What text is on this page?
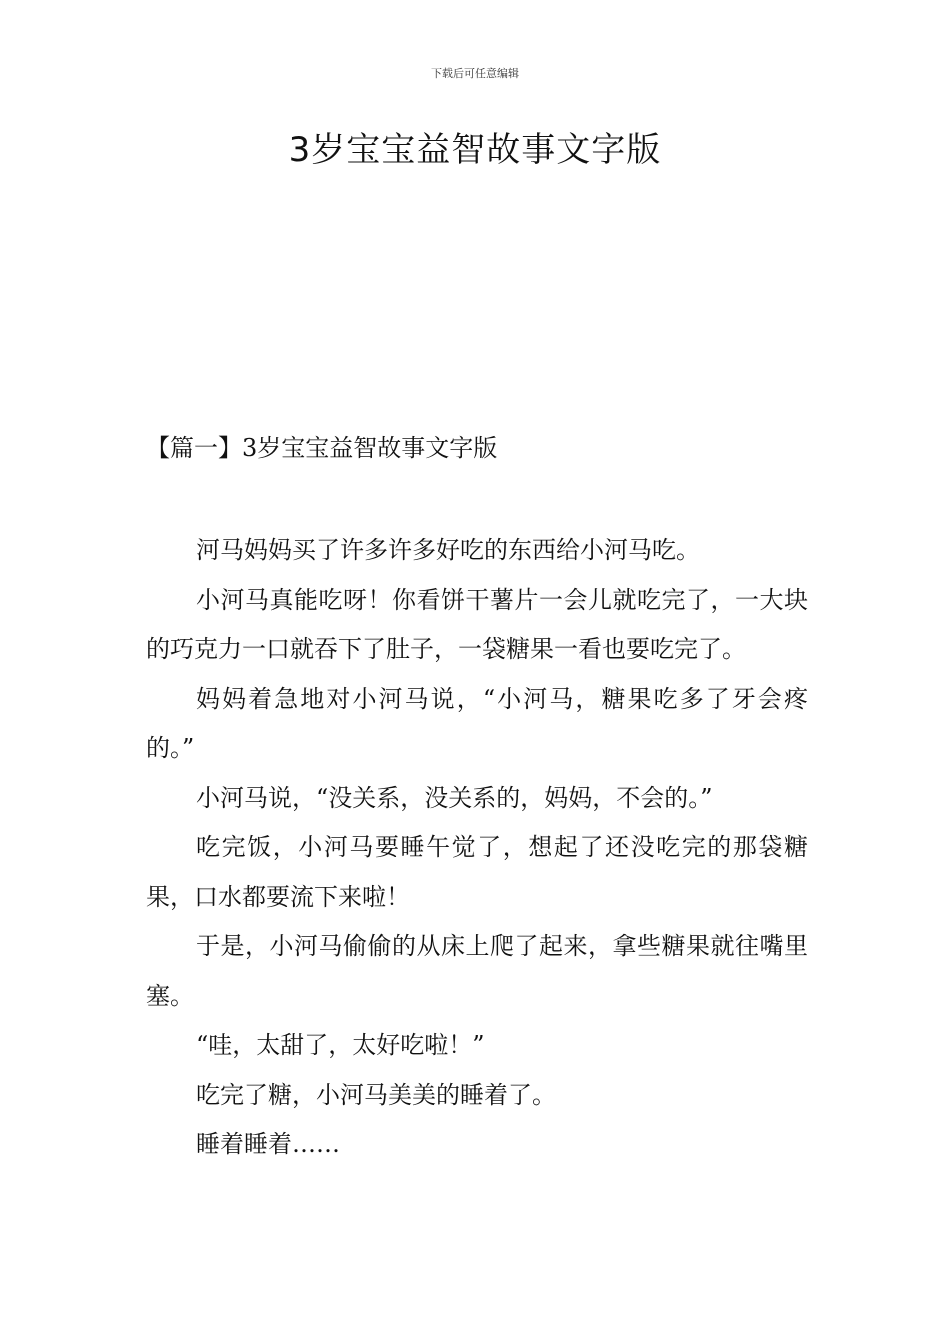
下载后可任意编辑
3岁宝宝益智故事文字版
【篇一】3岁宝宝益智故事文字版

河马妈妈买了许多许多好吃的东西给小河马吃。

小河马真能吃呀！你看饼干薯片一会儿就吃完了，一大块的巧克力一口就吞下了肚子，一袋糖果一看也要吃完了。

妈妈着急地对小河马说，“小河马，糖果吃多了牙会疼的。”

小河马说，“没关系，没关系的，妈妈，不会的。”

吃完饭，小河马要睡午觉了，想起了还没吃完的那袋糖果，口水都要流下来啦！

于是，小河马偷偷的从床上爬了起来，拿些糖果就往嘴里塞。

“哇，太甜了，太好吃啦！”

吃完了糖，小河马美美的睡着了。

睡着睡着……
